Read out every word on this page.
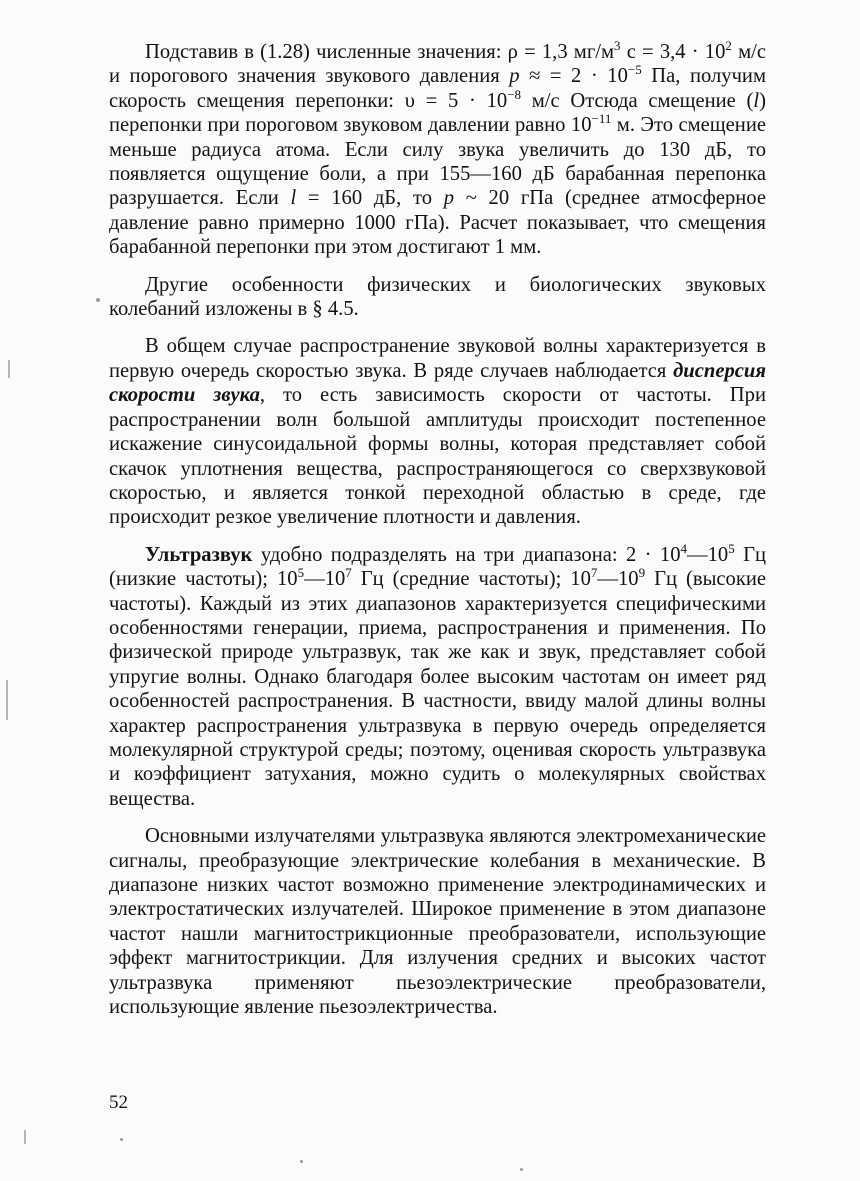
Подставив в (1.28) численные значения: ρ = 1,3 $мг/м^3$ $с = 3,4 \cdot 10^2$ м/с и порогового значения звукового давления p ≈ = $2 \cdot 10^{-5}$ Па, получим скорость смещения перепонки: $\upsilon = 5 \cdot 10^{-8}$ м/с Отсюда смещение (l) перепонки при пороговом звуковом давлении равно $10^{-11}$ м. Это смещение меньше радиуса атома. Если силу звука увеличить до 130 дБ, то появляется ощущение боли, а при 155—160 дБ барабанная перепонка разрушается. Если l = 160 дБ, то p ~ 20 гПа (среднее атмосферное давление равно примерно 1000 гПа). Расчет показывает, что смещения барабанной перепонки при этом достигают 1 мм.

Другие особенности физических и биологических звуковых колебаний изложены в § 4.5.

В общем случае распространение звуковой волны характеризуется в первую очередь скоростью звука. В ряде случаев наблюдается дисперсия скорости звука, то есть зависимость скорости от частоты. При распространении волн большой амплитуды происходит постепенное искажение синусоидальной формы волны, которая представляет собой скачок уплотнения вещества, распространяющегося со сверхзвуковой скоростью, и является тонкой переходной областью в среде, где происходит резкое увеличение плотности и давления.

Ультразвук удобно подразделять на три диапазона: $2 \cdot 10^4—10^5$ Гц (низкие частоты); $10^5—10^7$ Гц (средние частоты); $10^7—10^9$ Гц (высокие частоты). Каждый из этих диапазонов характеризуется специфическими особенностями генерации, приема, распространения и применения. По физической природе ультразвук, так же как и звук, представляет собой упругие волны. Однако благодаря более высоким частотам он имеет ряд особенностей распространения. В частности, ввиду малой длины волны характер распространения ультразвука в первую очередь определяется молекулярной структурой среды; поэтому, оценивая скорость ультразвука и коэффициент затухания, можно судить о молекулярных свойствах вещества.

Основными излучателями ультразвука являются электромеханические сигналы, преобразующие электрические колебания в механические. В диапазоне низких частот возможно применение электродинамических и электростатических излучателей. Широкое применение в этом диапазоне частот нашли магнитострикционные преобразователи, использующие эффект магнитострикции. Для излучения средних и высоких частот ультразвука применяют пьезоэлектрические преобразователи, использующие явление пьезоэлектричества.

52
